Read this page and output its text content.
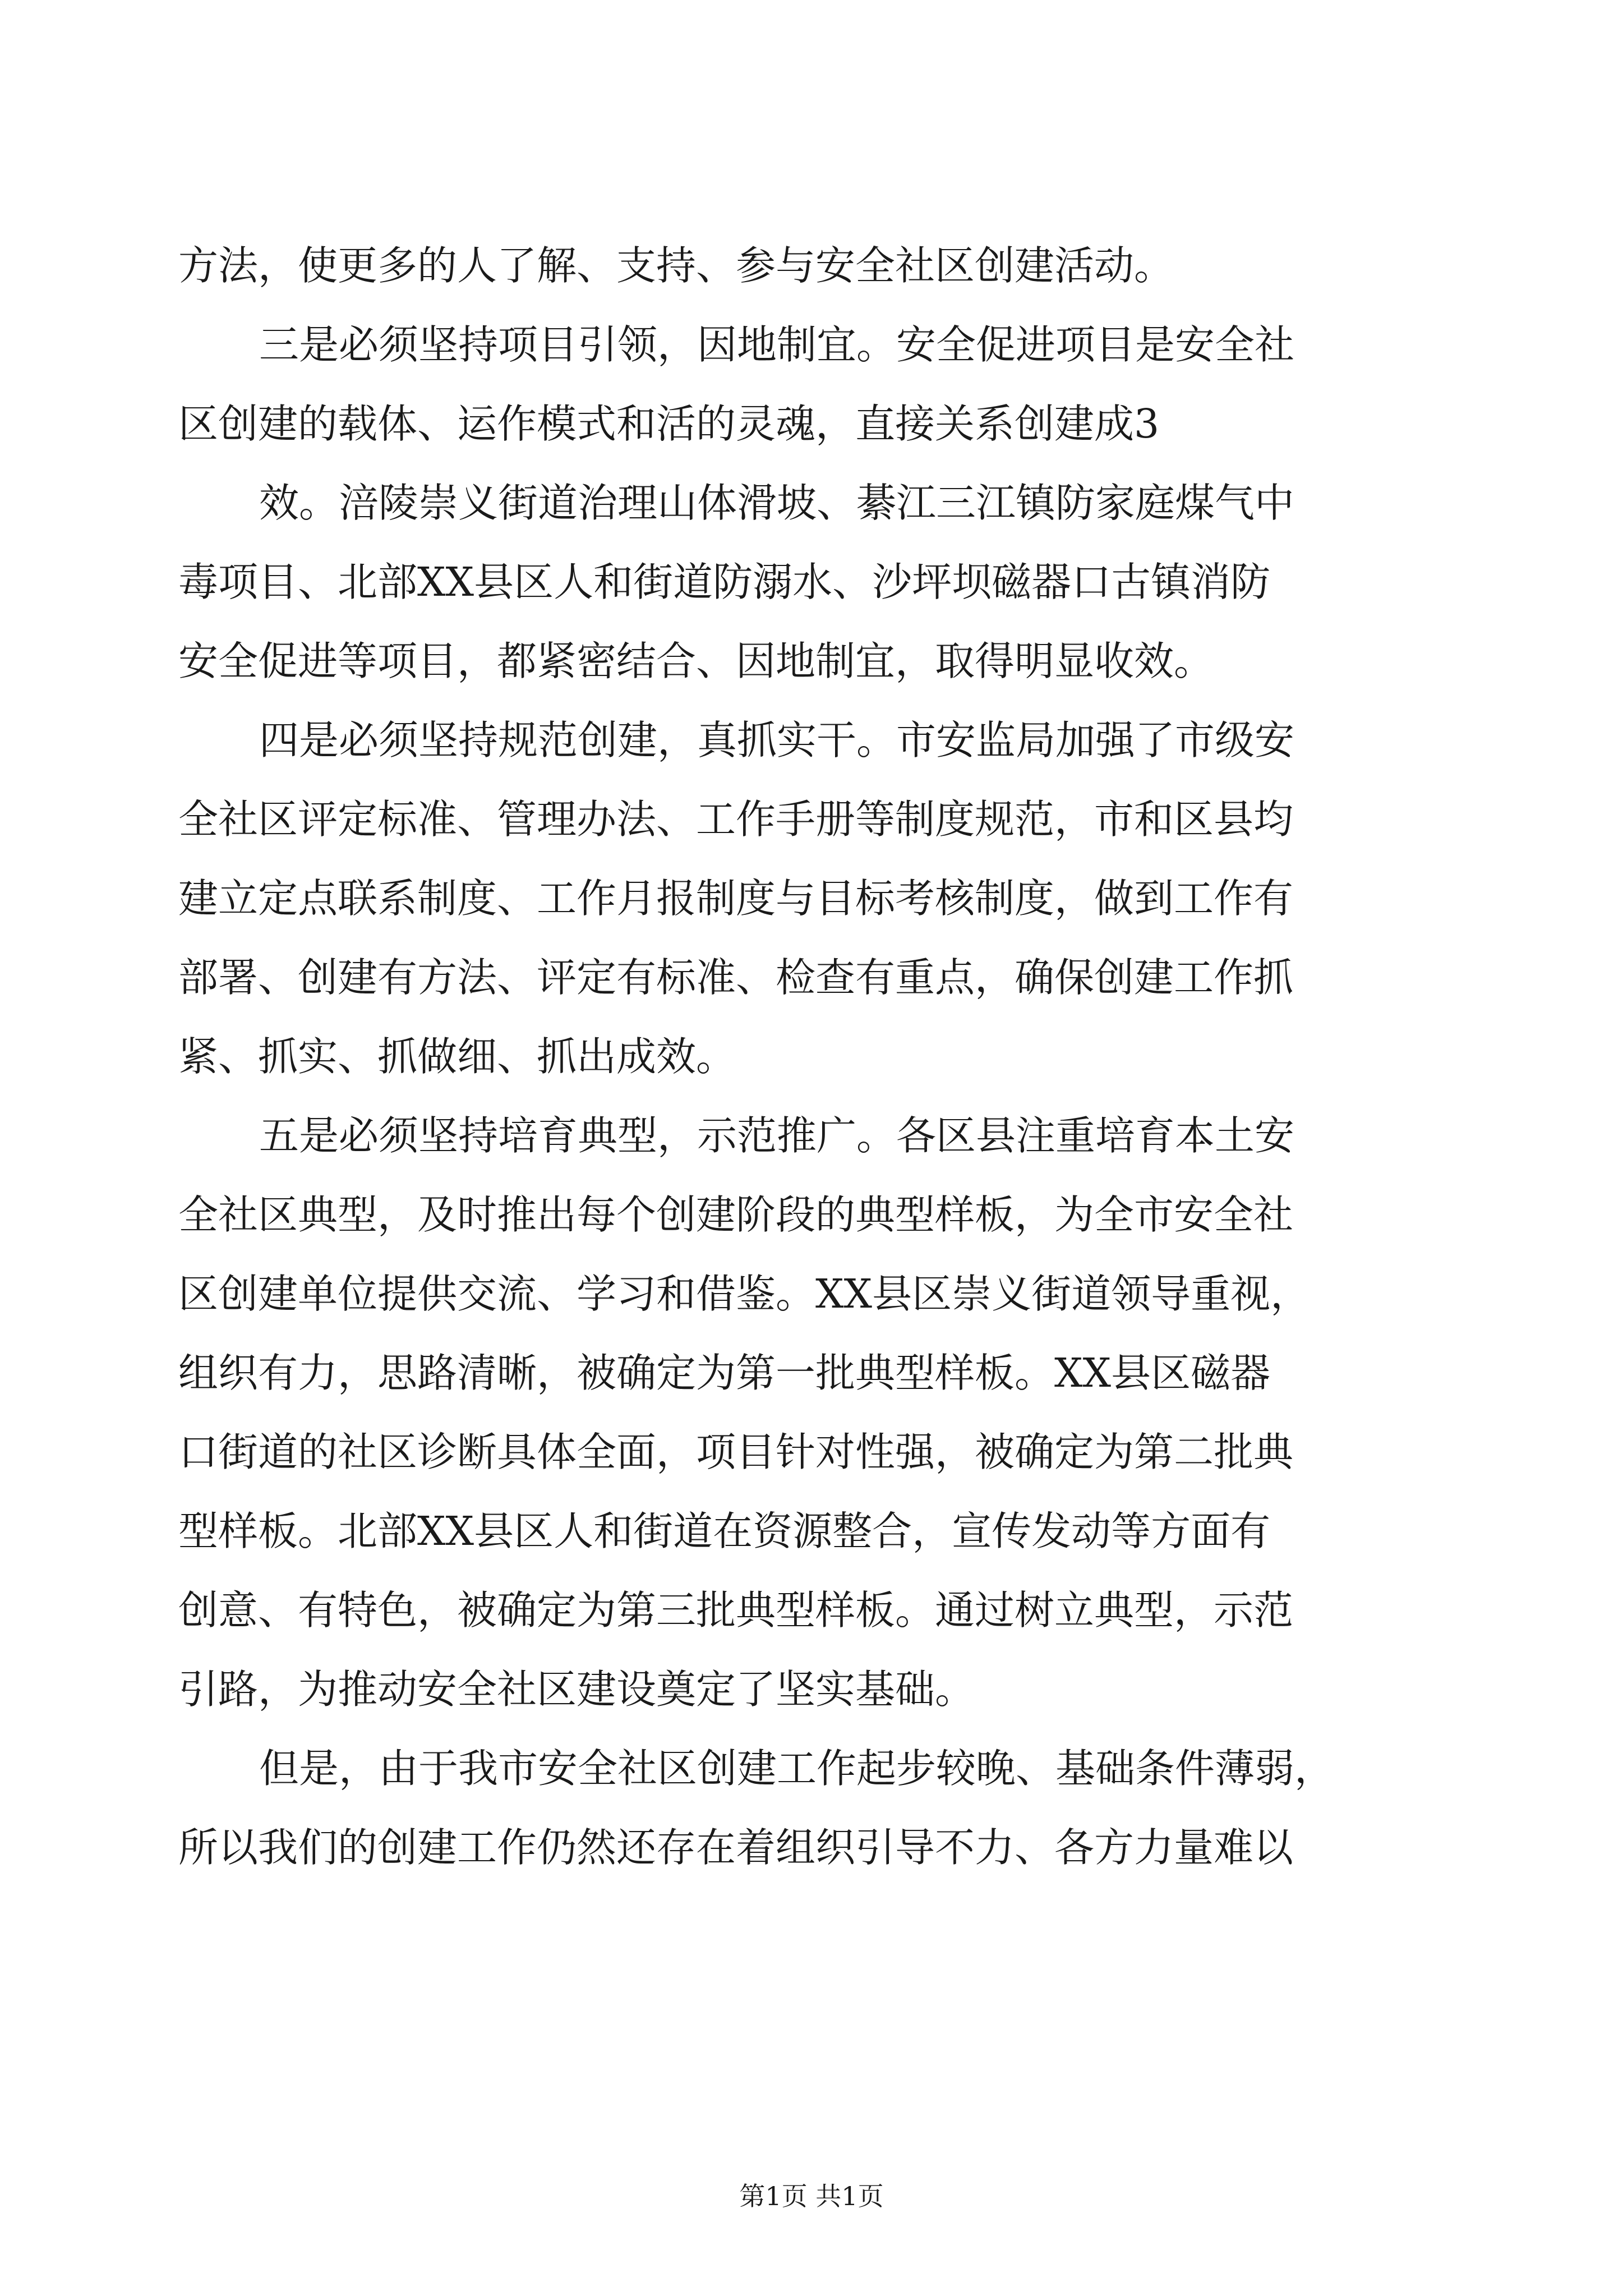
方法，使更多的人了解、支持、参与安全社区创建活动。
三是必须坚持项目引领，因地制宜。安全促进项目是安全社
区创建的载体、运作模式和活的灵魂，直接关系创建成3
效。涪陵崇义街道治理山体滑坡、綦江三江镇防家庭煤气中
毒项目、北部XX县区人和街道防溺水、沙坪坝磁器口古镇消防
安全促进等项目，都紧密结合、因地制宜，取得明显收效。
四是必须坚持规范创建，真抓实干。市安监局加强了市级安
全社区评定标准、管理办法、工作手册等制度规范，市和区县均
建立定点联系制度、工作月报制度与目标考核制度，做到工作有
部署、创建有方法、评定有标准、检查有重点，确保创建工作抓
紧、抓实、抓做细、抓出成效。
五是必须坚持培育典型，示范推广。各区县注重培育本土安
全社区典型，及时推出每个创建阶段的典型样板，为全市安全社
区创建单位提供交流、学习和借鉴。XX县区崇义街道领导重视，
组织有力，思路清晰，被确定为第一批典型样板。XX县区磁器
口街道的社区诊断具体全面，项目针对性强，被确定为第二批典
型样板。北部XX县区人和街道在资源整合，宣传发动等方面有
创意、有特色，被确定为第三批典型样板。通过树立典型，示范
引路，为推动安全社区建设奠定了坚实基础。
但是，由于我市安全社区创建工作起步较晚、基础条件薄弱，
所以我们的创建工作仍然还存在着组织引导不力、各方力量难以
第1页 共1页
